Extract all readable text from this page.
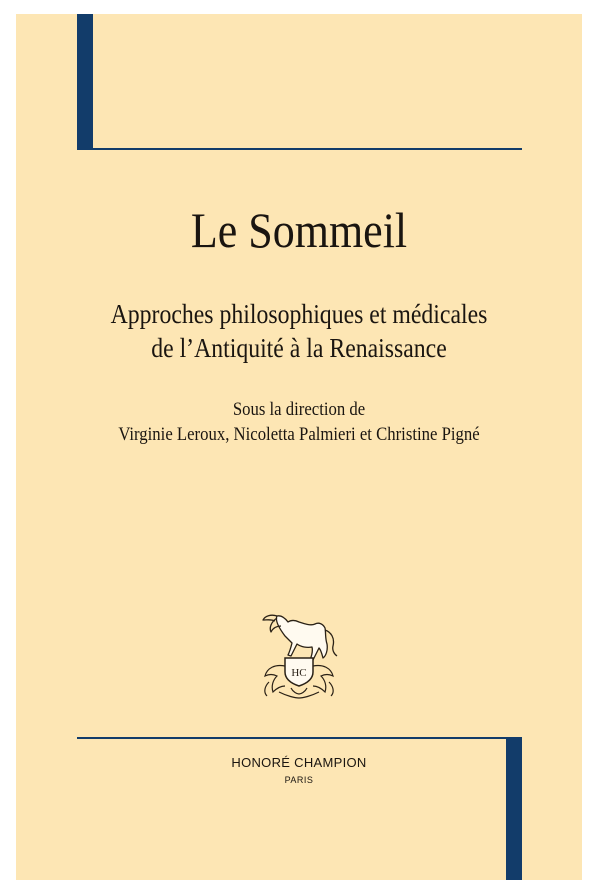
Le Sommeil
Approches philosophiques et médicales
de l’Antiquité à la Renaissance
Sous la direction de
Virginie Leroux, Nicoletta Palmieri et Christine Pigné
HC
HONORÉ CHAMPION
PARIS
